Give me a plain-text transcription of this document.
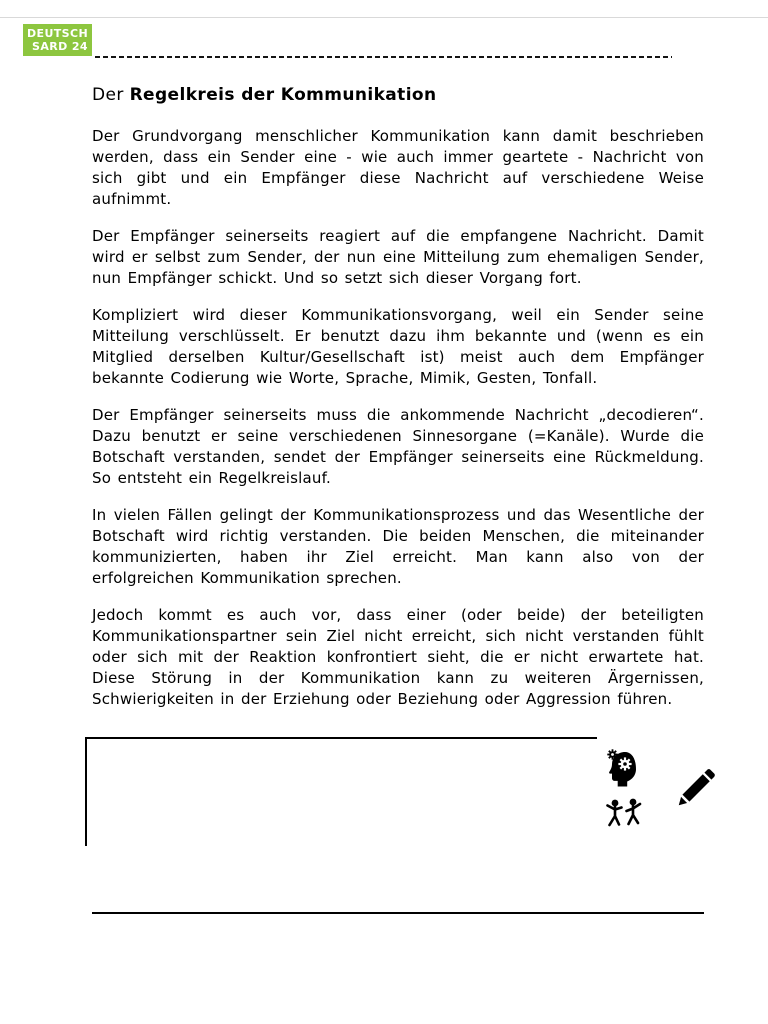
DEUTSCH
SARD 24
Der Regelkreis der Kommunikation

Der Grundvorgang menschlicher Kommunikation kann damit beschrieben werden, dass ein Sender eine - wie auch immer geartete - Nachricht von sich gibt und ein Empfänger diese Nachricht auf verschiedene Weise aufnimmt.

Der Empfänger seinerseits reagiert auf die empfangene Nachricht. Damit wird er selbst zum Sender, der nun eine Mitteilung zum ehemaligen Sender, nun Empfänger schickt. Und so setzt sich dieser Vorgang fort.

Kompliziert wird dieser Kommunikationsvorgang, weil ein Sender seine Mitteilung verschlüsselt. Er benutzt dazu ihm bekannte und (wenn es ein Mitglied derselben Kultur/Gesellschaft ist) meist auch dem Empfänger bekannte Codierung wie Worte, Sprache, Mimik, Gesten, Tonfall.

Der Empfänger seinerseits muss die ankommende Nachricht „decodieren“. Dazu benutzt er seine verschiedenen Sinnesorgane (=Kanäle). Wurde die Botschaft verstanden, sendet der Empfänger seinerseits eine Rückmeldung. So entsteht ein Regelkreislauf.

In vielen Fällen gelingt der Kommunikationsprozess und das Wesentliche der Botschaft wird richtig verstanden. Die beiden Menschen, die miteinander kommunizierten, haben ihr Ziel erreicht. Man kann also von der erfolgreichen Kommunikation sprechen.

Jedoch kommt es auch vor, dass einer (oder beide) der beteiligten Kommunikationspartner sein Ziel nicht erreicht, sich nicht verstanden fühlt oder sich mit der Reaktion konfrontiert sieht, die er nicht erwartete hat. Diese Störung in der Kommunikation kann zu weiteren Ärgernissen, Schwierigkeiten in der Erziehung oder Beziehung oder Aggression führen.
